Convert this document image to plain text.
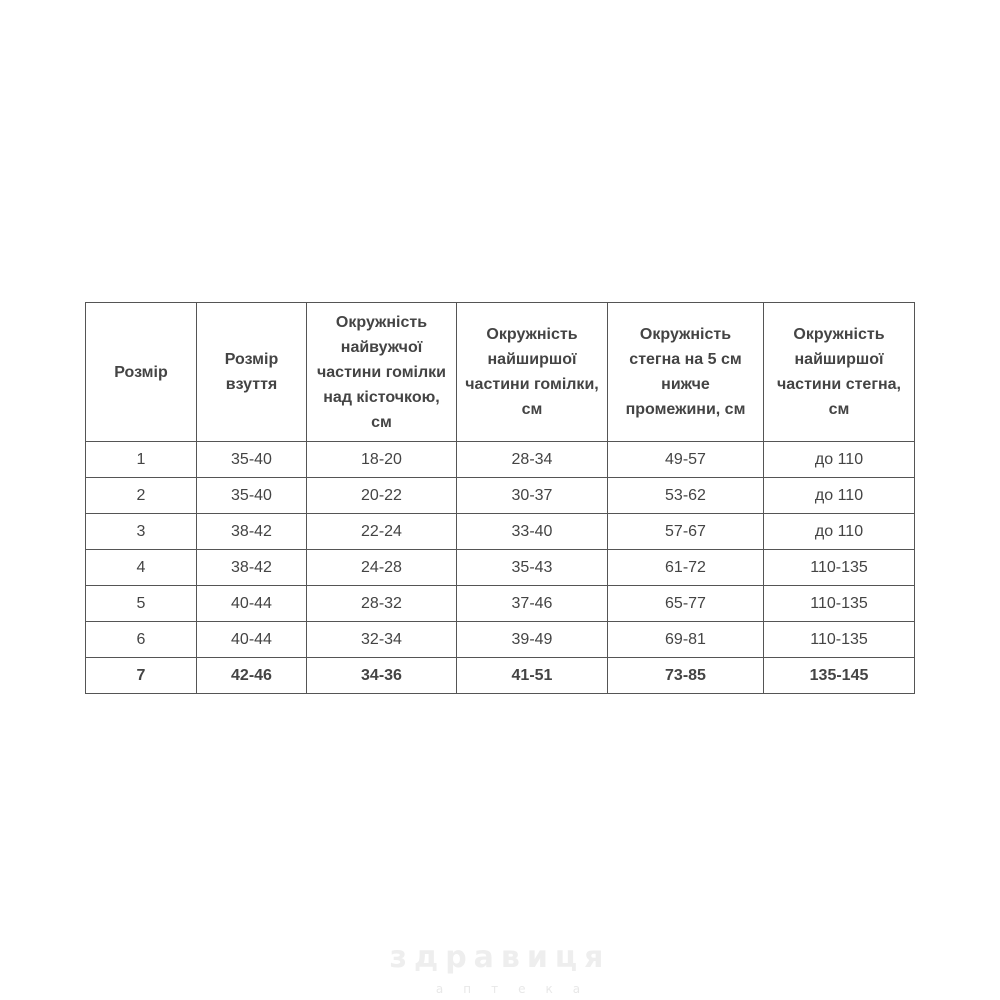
Розмір	Розмір взуття	Окружність найвужчої частини гомілки над кісточкою, см	Окружність найширшої частини гомілки, см	Окружність стегна на 5 см нижче промежини, см	Окружність найширшої частини стегна, см
1	35-40	18-20	28-34	49-57	до 110
2	35-40	20-22	30-37	53-62	до 110
3	38-42	22-24	33-40	57-67	до 110
4	38-42	24-28	35-43	61-72	110-135
5	40-44	28-32	37-46	65-77	110-135
6	40-44	32-34	39-49	69-81	110-135
7	42-46	34-36	41-51	73-85	135-145
здравиця
аптека
